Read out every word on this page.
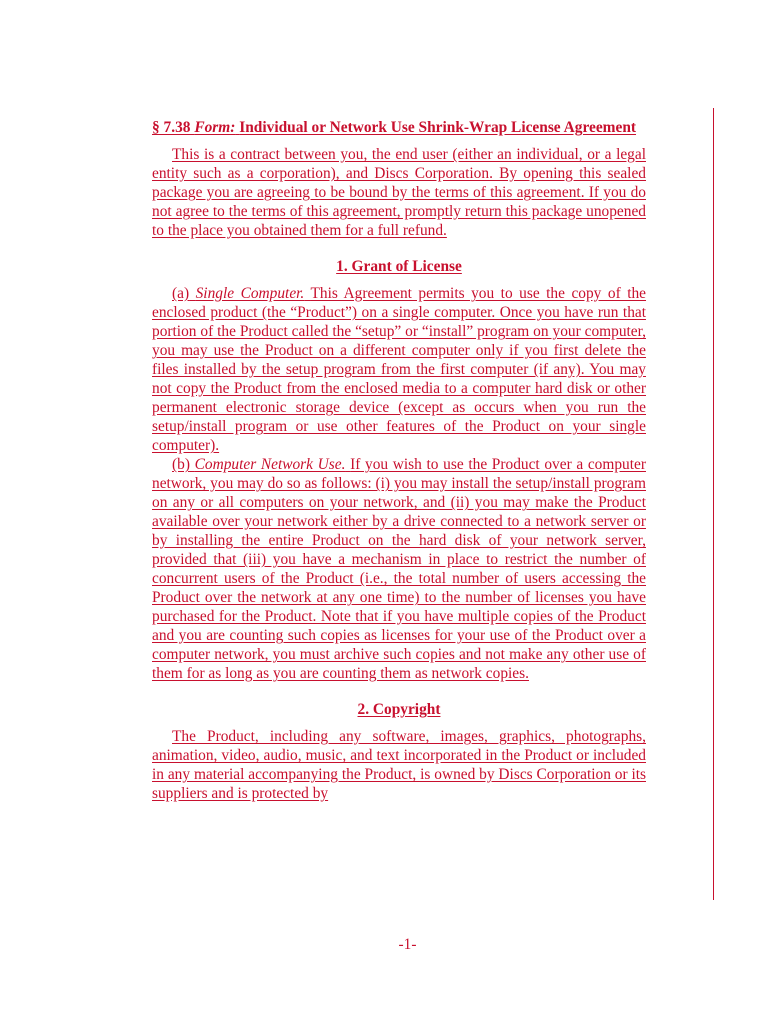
§ 7.38 Form: Individual or Network Use Shrink-Wrap License Agreement

This is a contract between you, the end user (either an individual, or a legal entity such as a corporation), and Discs Corporation. By opening this sealed package you are agreeing to be bound by the terms of this agreement. If you do not agree to the terms of this agreement, promptly return this package unopened to the place you obtained them for a full refund.

1. Grant of License

(a) Single Computer. This Agreement permits you to use the copy of the enclosed product (the “Product”) on a single computer. Once you have run that portion of the Product called the “setup” or “install” program on your computer, you may use the Product on a different computer only if you first delete the files installed by the setup program from the first computer (if any). You may not copy the Product from the enclosed media to a computer hard disk or other permanent electronic storage device (except as occurs when you run the setup/install program or use other features of the Product on your single computer).

(b) Computer Network Use. If you wish to use the Product over a computer network, you may do so as follows: (i) you may install the setup/install program on any or all computers on your network, and (ii) you may make the Product available over your network either by a drive connected to a network server or by installing the entire Product on the hard disk of your network server, provided that (iii) you have a mechanism in place to restrict the number of concurrent users of the Product (i.e., the total number of users accessing the Product over the network at any one time) to the number of licenses you have purchased for the Product. Note that if you have multiple copies of the Product and you are counting such copies as licenses for your use of the Product over a computer network, you must archive such copies and not make any other use of them for as long as you are counting them as network copies.

2. Copyright

The Product, including any software, images, graphics, photographs, animation, video, audio, music, and text incorporated in the Product or included in any material accompanying the Product, is owned by Discs Corporation or its suppliers and is protected by

-1-
